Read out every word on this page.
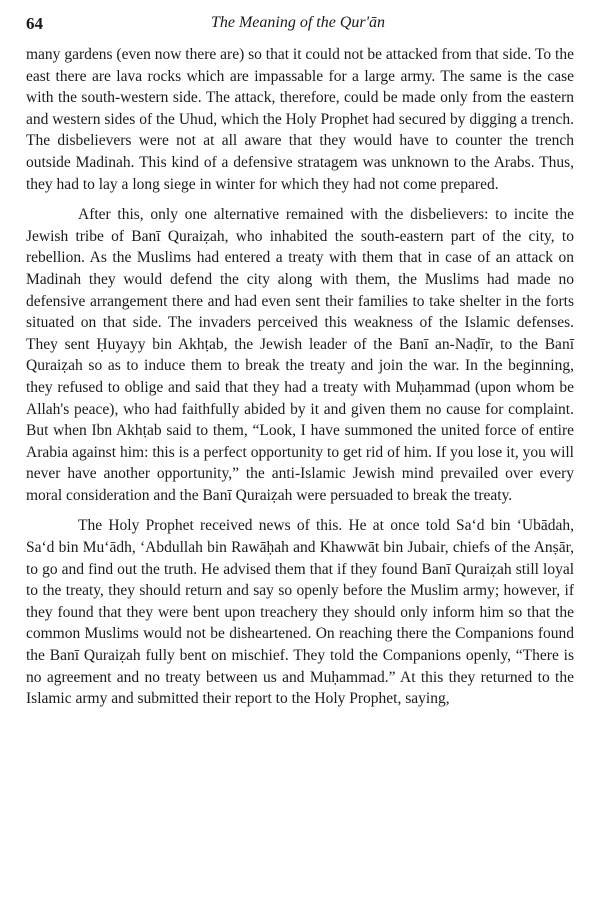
64	The Meaning of the Qur'ān

many gardens (even now there are) so that it could not be attacked from that side. To the east there are lava rocks which are impassable for a large army. The same is the case with the south-western side. The attack, therefore, could be made only from the eastern and western sides of the Uhud, which the Holy Prophet had secured by digging a trench. The disbelievers were not at all aware that they would have to counter the trench outside Madinah. This kind of a defensive stratagem was unknown to the Arabs. Thus, they had to lay a long siege in winter for which they had not come prepared.

After this, only one alternative remained with the disbelievers: to incite the Jewish tribe of Banī Quraiẓah, who inhabited the south-eastern part of the city, to rebellion. As the Muslims had entered a treaty with them that in case of an attack on Madinah they would defend the city along with them, the Muslims had made no defensive arrangement there and had even sent their families to take shelter in the forts situated on that side. The invaders perceived this weakness of the Islamic defenses. They sent Ḥuyayy bin Akhṭab, the Jewish leader of the Banī an-Naḍīr, to the Banī Quraiẓah so as to induce them to break the treaty and join the war. In the beginning, they refused to oblige and said that they had a treaty with Muḥammad (upon whom be Allah's peace), who had faithfully abided by it and given them no cause for complaint. But when Ibn Akhṭab said to them, “Look, I have summoned the united force of entire Arabia against him: this is a perfect opportunity to get rid of him. If you lose it, you will never have another opportunity,” the anti-Islamic Jewish mind prevailed over every moral consideration and the Banī Quraiẓah were persuaded to break the treaty.

The Holy Prophet received news of this. He at once told Sa‘d bin ‘Ubādah, Sa‘d bin Mu‘ādh, ‘Abdullah bin Rawāḥah and Khawwāt bin Jubair, chiefs of the Anṣār, to go and find out the truth. He advised them that if they found Banī Quraiẓah still loyal to the treaty, they should return and say so openly before the Muslim army; however, if they found that they were bent upon treachery they should only inform him so that the common Muslims would not be disheartened. On reaching there the Companions found the Banī Quraiẓah fully bent on mischief. They told the Companions openly, “There is no agreement and no treaty between us and Muḥammad.” At this they returned to the Islamic army and submitted their report to the Holy Prophet, saying,
